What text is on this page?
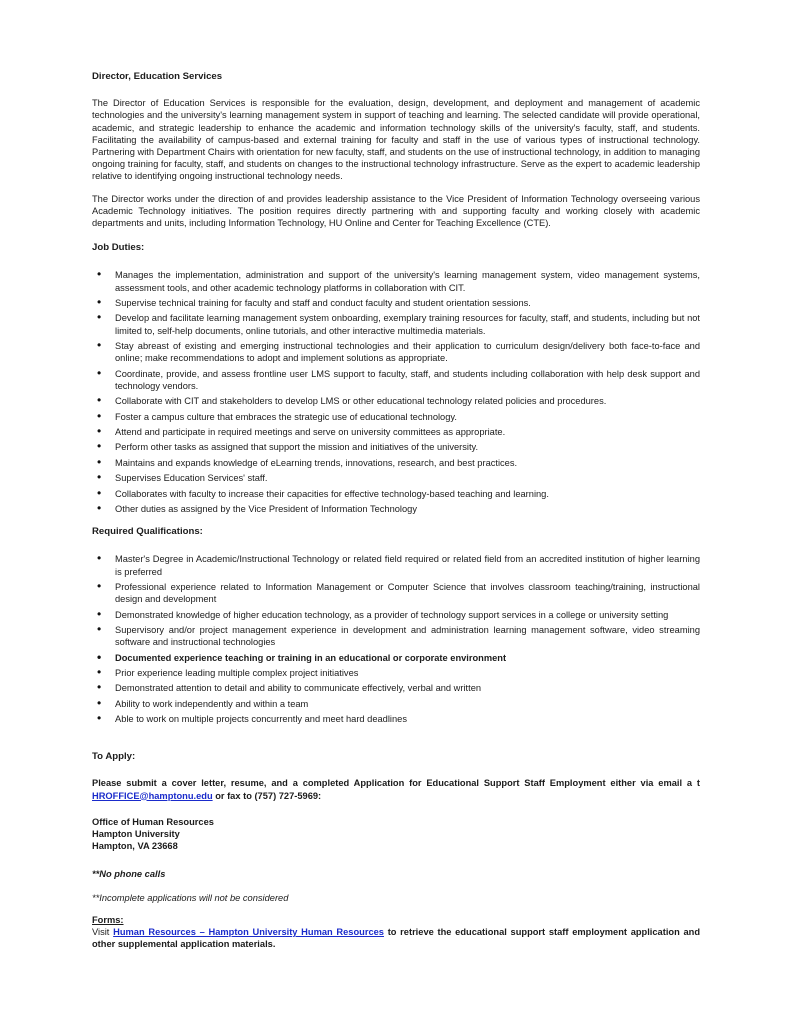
Director, Education Services
The Director of Education Services is responsible for the evaluation, design, development, and deployment and management of academic technologies and the university's learning management system in support of teaching and learning. The selected candidate will provide operational, academic, and strategic leadership to enhance the academic and information technology skills of the university's faculty, staff, and students. Facilitating the availability of campus-based and external training for faculty and staff in the use of various types of instructional technology. Partnering with Department Chairs with orientation for new faculty, staff, and students on the use of instructional technology, in addition to managing ongoing training for faculty, staff, and students on changes to the instructional technology infrastructure. Serve as the expert to academic leadership relative to identifying ongoing instructional technology needs.
The Director works under the direction of and provides leadership assistance to the Vice President of Information Technology overseeing various Academic Technology initiatives. The position requires directly partnering with and supporting faculty and working closely with academic departments and units, including Information Technology, HU Online and Center for Teaching Excellence (CTE).
Job Duties:
• Manages the implementation, administration and support of the university's learning management system, video management systems, assessment tools, and other academic technology platforms in collaboration with CIT.
• Supervise technical training for faculty and staff and conduct faculty and student orientation sessions.
• Develop and facilitate learning management system onboarding, exemplary training resources for faculty, staff, and students, including but not limited to, self-help documents, online tutorials, and other interactive multimedia materials.
• Stay abreast of existing and emerging instructional technologies and their application to curriculum design/delivery both face-to-face and online; make recommendations to adopt and implement solutions as appropriate.
• Coordinate, provide, and assess frontline user LMS support to faculty, staff, and students including collaboration with help desk support and technology vendors.
• Collaborate with CIT and stakeholders to develop LMS or other educational technology related policies and procedures.
• Foster a campus culture that embraces the strategic use of educational technology.
• Attend and participate in required meetings and serve on university committees as appropriate.
• Perform other tasks as assigned that support the mission and initiatives of the university.
• Maintains and expands knowledge of eLearning trends, innovations, research, and best practices.
• Supervises Education Services' staff.
• Collaborates with faculty to increase their capacities for effective technology-based teaching and learning.
• Other duties as assigned by the Vice President of Information Technology
Required Qualifications:
• Master's Degree in Academic/Instructional Technology or related field required or related field from an accredited institution of higher learning is preferred
• Professional experience related to Information Management or Computer Science that involves classroom teaching/training, instructional design and development
• Demonstrated knowledge of higher education technology, as a provider of technology support services in a college or university setting
• Supervisory and/or project management experience in development and administration learning management software, video streaming software and instructional technologies
• Documented experience teaching or training in an educational or corporate environment
• Prior experience leading multiple complex project initiatives
• Demonstrated attention to detail and ability to communicate effectively, verbal and written
• Ability to work independently and within a team
• Able to work on multiple projects concurrently and meet hard deadlines
To Apply:
Please submit a cover letter, resume, and a completed Application for Educational Support Staff Employment either via email a t HROFFICE@hamptonu.edu or fax to (757) 727-5969:
Office of Human Resources
Hampton University
Hampton, VA 23668
**No phone calls
**Incomplete applications will not be considered
Forms:
Visit Human Resources – Hampton University Human Resources to retrieve the educational support staff employment application and other supplemental application materials.
